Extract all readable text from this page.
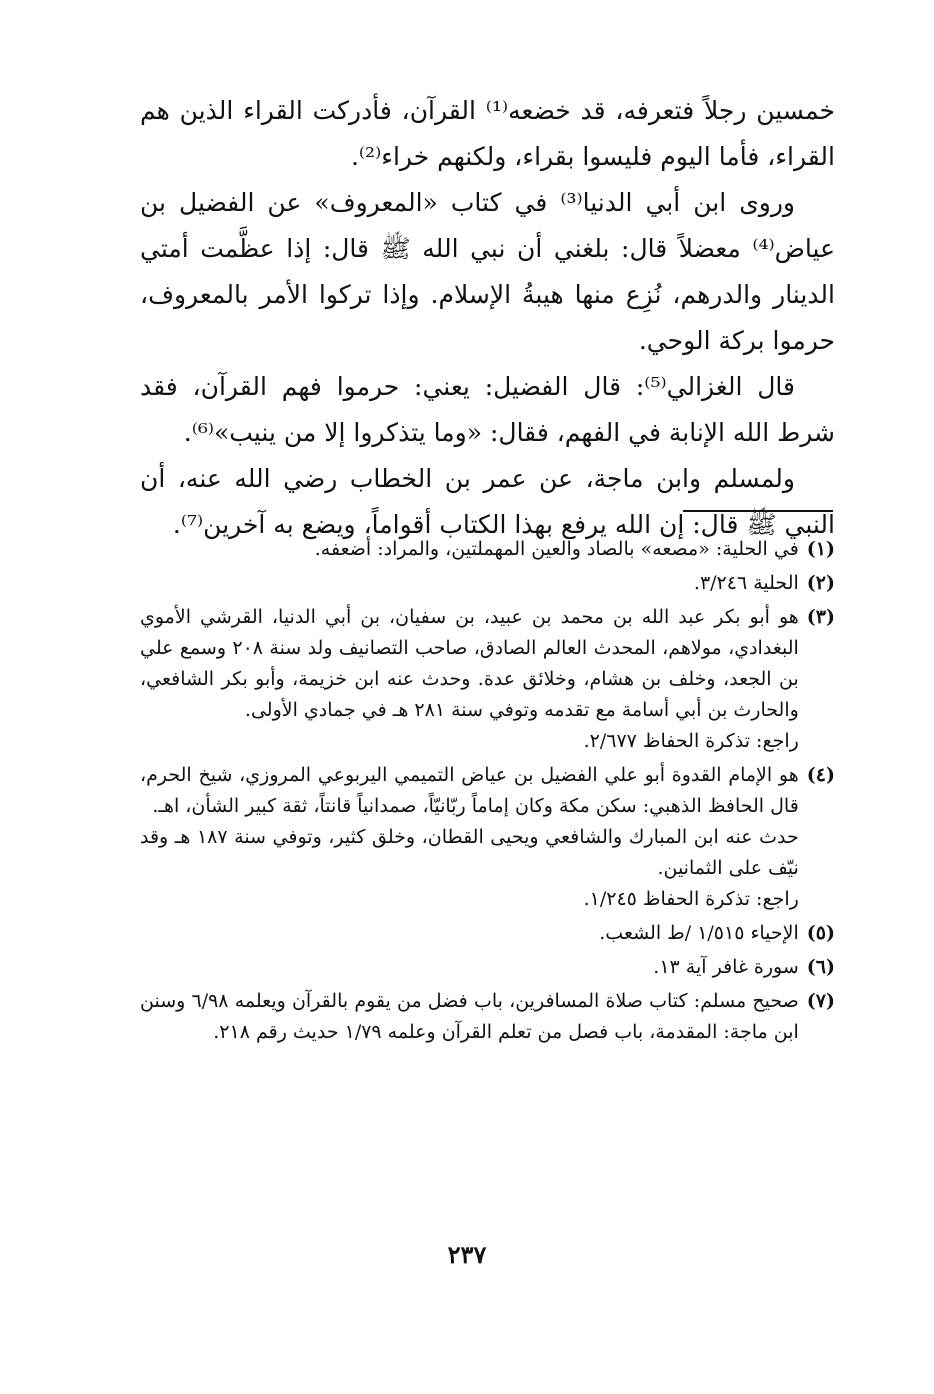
خمسين رجلاً فتعرفه، قد خضعه⁽¹⁾ القرآن، فأدركت القراء الذين هم القراء، فأما اليوم فليسوا بقراء، ولكنهم خراء⁽²⁾.

وروى ابن أبي الدنيا⁽³⁾ في كتاب «المعروف» عن الفضيل بن عياض⁽⁴⁾ معضلاً قال: بلغني أن نبي الله ﷺ قال: إذا عظَّمت أمتي الدينار والدرهم، نُزِع منها هيبةُ الإسلام. وإذا تركوا الأمر بالمعروف، حرموا بركة الوحي.

قال الغزالي⁽⁵⁾: قال الفضيل: يعني: حرموا فهم القرآن، فقد شرط الله الإنابة في الفهم، فقال: «وما يتذكروا إلا من ينيب»⁽⁶⁾.

ولمسلم وابن ماجة، عن عمر بن الخطاب رضي الله عنه، أن النبي ﷺ قال: إن الله يرفع بهذا الكتاب أقواماً، ويضع به آخرين⁽⁷⁾.

(١)
في الحلية: «مصعه» بالصاد والعين المهملتين، والمراد: أضعفه.
(٢)
الحلية ٣/٢٤٦.
(٣)
هو أبو بكر عبد الله بن محمد بن عبيد، بن سفيان، بن أبي الدنيا، القرشي الأموي البغدادي، مولاهم، المحدث العالم الصادق، صاحب التصانيف ولد سنة ٢٠٨ وسمع علي بن الجعد، وخلف بن هشام، وخلائق عدة. وحدث عنه ابن خزيمة، وأبو بكر الشافعي، والحارث بن أبي أسامة مع تقدمه وتوفي سنة ٢٨١ هـ في جمادي الأولى.
راجع: تذكرة الحفاظ ٢/٦٧٧.
(٤)
هو الإمام القدوة أبو علي الفضيل بن عياض التميمي اليربوعي المروزي، شيخ الحرم، قال الحافظ الذهبي: سكن مكة وكان إماماً ربّانيّاً، صمدانياً قانتاً، ثقة كبير الشأن، اهـ.
حدث عنه ابن المبارك والشافعي ويحيى القطان، وخلق كثير، وتوفي سنة ١٨٧ هـ وقد نيّف على الثمانين.
راجع: تذكرة الحفاظ ١/٢٤٥.
(٥)
الإحياء ١/٥١٥ /ط الشعب.
(٦)
سورة غافر آية ١٣.
(٧)
صحيح مسلم: كتاب صلاة المسافرين، باب فضل من يقوم بالقرآن ويعلمه ٦/٩٨ وسنن ابن ماجة: المقدمة، باب فصل من تعلم القرآن وعلمه ١/٧٩ حديث رقم ٢١٨.
٢٣٧
